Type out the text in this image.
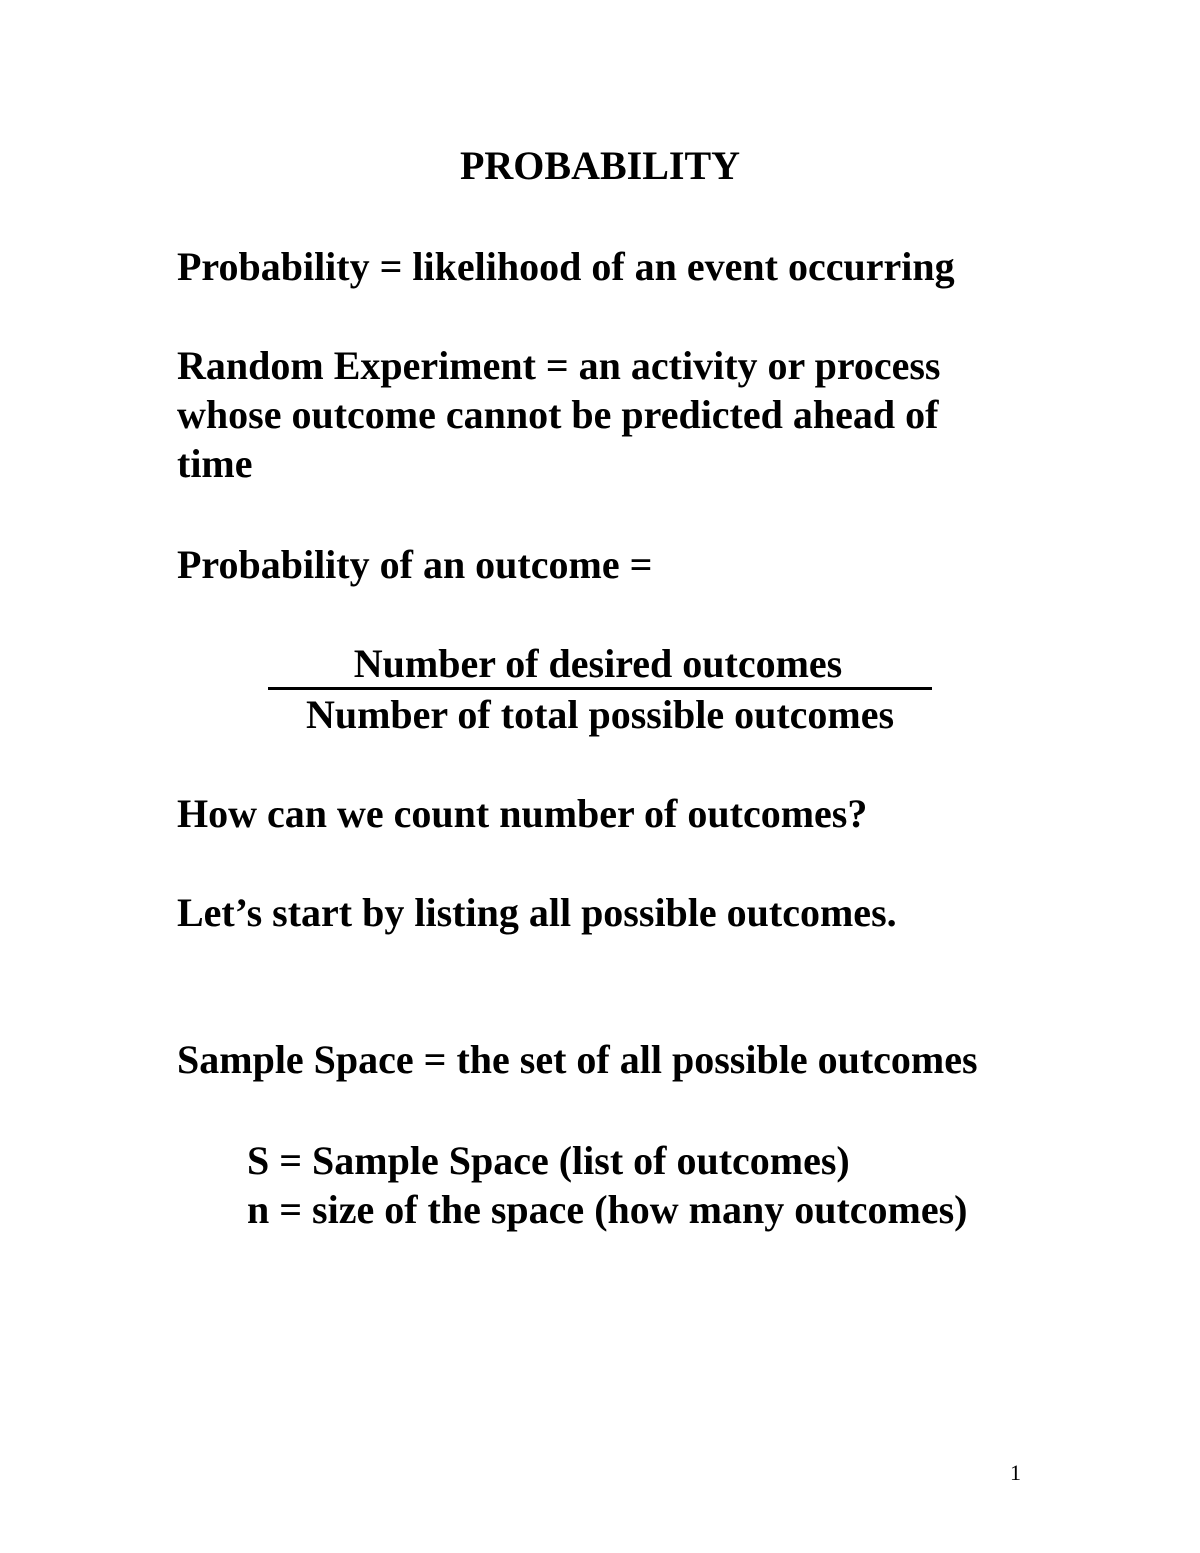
PROBABILITY
Probability = likelihood of an event occurring
Random Experiment = an activity or process
whose outcome cannot be predicted ahead of
time
Probability of an outcome =
Number of desired outcomes
Number of total possible outcomes
How can we count number of outcomes?
Let’s start by listing all possible outcomes.
Sample Space = the set of all possible outcomes
S = Sample Space (list of outcomes)
n = size of the space (how many outcomes)
1
